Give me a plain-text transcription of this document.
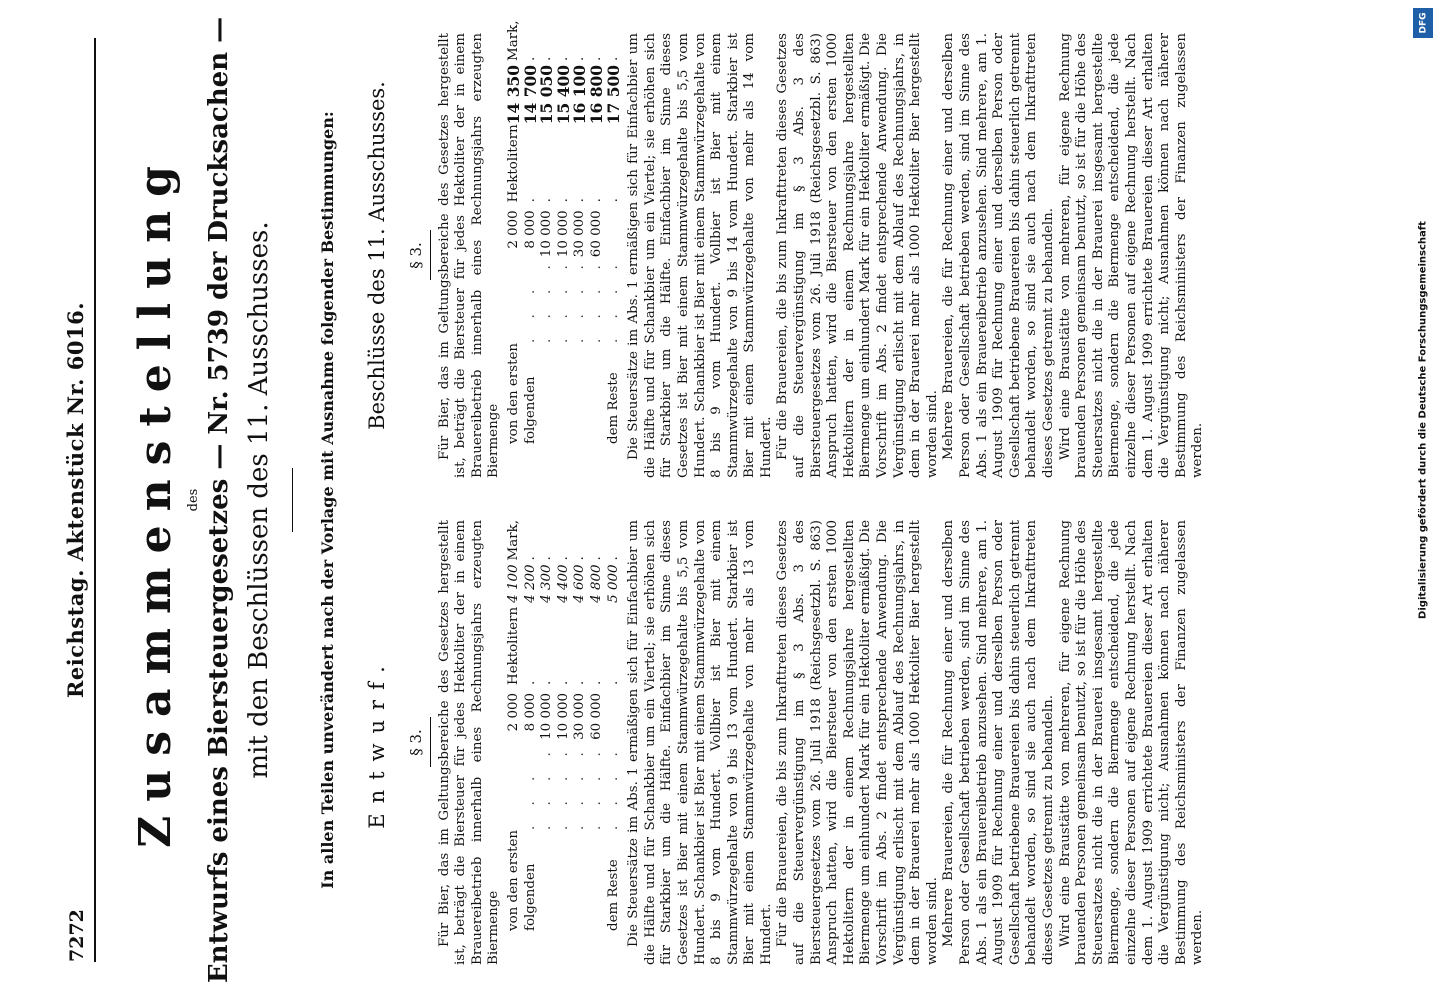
7272
Reichstag. Aktenstück Nr. 6016. Zusammenstellung des Entwurfs eines Biersteuergesetzes — Nr. 5739 der Drucksachen — mit den Beschlüssen des 11. Ausschusses.	In allen Teilen unverändert nach der Vorlage mit Ausnahme folgender Bestimmungen: Entwurf.
Beschlüsse des 11. Ausschusses.

§ 3. Für Bier, das im Geltungsbereiche des Gesetzes hergestellt ist, beträgt die Biersteuer für jedes Hektoliter der in einem Brauereibetrieb innerhalb eines Rechnungsjahrs erzeugten Biermenge von den ersten		2 000	Hektolitern	4 100	Mark,
folgenden	. . .	8 000	.	4 200	.
	. . . .	10 000	.	4 300	.
	. . . .	10 000	.	4 400	.
	. . . .	30 000	.	4 600	.
	. . . .	60 000	.	4 800	.
dem Reste	. . . .		.	5 000	. Die Steuersätze im Abs. 1 ermäßigen sich für Einfachbier um die Hälfte und für Schankbier um ein Viertel; sie erhöhen sich für Starkbier um die Hälfte. Einfachbier im Sinne dieses Gesetzes ist Bier mit einem Stammwürzegehalte bis 5,5 vom Hundert. Schankbier ist Bier mit einem Stammwürzegehalte von 8 bis 9 vom Hundert. Vollbier ist Bier mit einem Stammwürzegehalte von 9 bis 13 vom Hundert. Starkbier ist Bier mit einem Stammwürzegehalte von mehr als 13 vom Hundert. Für die Brauereien, die bis zum Inkrafttreten dieses Gesetzes auf die Steuervergünstigung im § 3 Abs. 3 des Biersteuergesetzes vom 26. Juli 1918 (Reichsgesetzbl. S. 863) Anspruch hatten, wird die Biersteuer von den ersten 1000 Hektolitern der in einem Rechnungsjahre hergestellten Biermenge um einhundert Mark für ein Hektoliter ermäßigt. Die Vorschrift im Abs. 2 findet entsprechende Anwendung. Die Vergünstigung erlischt mit dem Ablauf des Rechnungsjahrs, in dem in der Brauerei mehr als 1000 Hektoliter Bier hergestellt worden sind. Mehrere Brauereien, die für Rechnung einer und derselben Person oder Gesellschaft betrieben werden, sind im Sinne des Abs. 1 als ein Brauereibetrieb anzusehen. Sind mehrere, am 1. August 1909 für Rechnung einer und derselben Person oder Gesellschaft betriebene Brauereien bis dahin steuerlich getrennt behandelt worden, so sind sie auch nach dem Inkrafttreten dieses Gesetzes getrennt zu behandeln. Wird eine Braustätte von mehreren, für eigene Rechnung brauenden Personen gemeinsam benutzt, so ist für die Höhe des Steuersatzes nicht die in der Brauerei insgesamt hergestellte Biermenge, sondern die Biermenge entscheidend, die jede einzelne dieser Personen auf eigene Rechnung herstellt. Nach dem 1. August 1909 errichtete Brauereien dieser Art erhalten die Vergünstigung nicht; Ausnahmen können nach näherer Bestimmung des Reichsministers der Finanzen zugelassen werden.

§ 3. Für Bier, das im Geltungsbereiche des Gesetzes hergestellt ist, beträgt die Biersteuer für jedes Hektoliter der in einem Brauereibetrieb innerhalb eines Rechnungsjahrs erzeugten Biermenge von den ersten		2 000	Hektolitern	14 350	Mark,
folgenden	. . .	8 000	.	14 700	.
	. . . .	10 000	.	15 050	.
	. . . .	10 000	.	15 400	.
	. . . .	30 000	.	16 100	.
	. . . .	60 000	.	16 800	.
dem Reste	. . . .		.	17 500	. Die Steuersätze im Abs. 1 ermäßigen sich für Einfachbier um die Hälfte und für Schankbier um ein Viertel; sie erhöhen sich für Starkbier um die Hälfte. Einfachbier im Sinne dieses Gesetzes ist Bier mit einem Stammwürzegehalte bis 5,5 vom Hundert. Schankbier ist Bier mit einem Stammwürzegehalte von 8 bis 9 vom Hundert. Vollbier ist Bier mit einem Stammwürzegehalte von 9 bis 14 vom Hundert. Starkbier ist Bier mit einem Stammwürzegehalte von mehr als 14 vom Hundert. Für die Brauereien, die bis zum Inkrafttreten dieses Gesetzes auf die Steuervergünstigung im § 3 Abs. 3 des Biersteuergesetzes vom 26. Juli 1918 (Reichsgesetzbl. S. 863) Anspruch hatten, wird die Biersteuer von den ersten 1000 Hektolitern der in einem Rechnungsjahre hergestellten Biermenge um einhundert Mark für ein Hektoliter ermäßigt. Die Vorschrift im Abs. 2 findet entsprechende Anwendung. Die Vergünstigung erlischt mit dem Ablauf des Rechnungsjahrs, in dem in der Brauerei mehr als 1000 Hektoliter Bier hergestellt worden sind. Mehrere Brauereien, die für Rechnung einer und derselben Person oder Gesellschaft betrieben werden, sind im Sinne des Abs. 1 als ein Brauereibetrieb anzusehen. Sind mehrere, am 1. August 1909 für Rechnung einer und derselben Person oder Gesellschaft betriebene Brauereien bis dahin steuerlich getrennt behandelt worden, so sind sie auch nach dem Inkrafttreten dieses Gesetzes getrennt zu behandeln. Wird eine Braustätte von mehreren, für eigene Rechnung brauenden Personen gemeinsam benutzt, so ist für die Höhe des Steuersatzes nicht die in der Brauerei insgesamt hergestellte Biermenge, sondern die Biermenge entscheidend, die jede einzelne dieser Personen auf eigene Rechnung herstellt. Nach dem 1. August 1909 errichtete Brauereien dieser Art erhalten die Vergünstigung nicht; Ausnahmen können nach näherer Bestimmung des Reichsministers der Finanzen zugelassen werden.

DFG
Digitalisierung gefördert durch die Deutsche Forschungsgemeinschaft
